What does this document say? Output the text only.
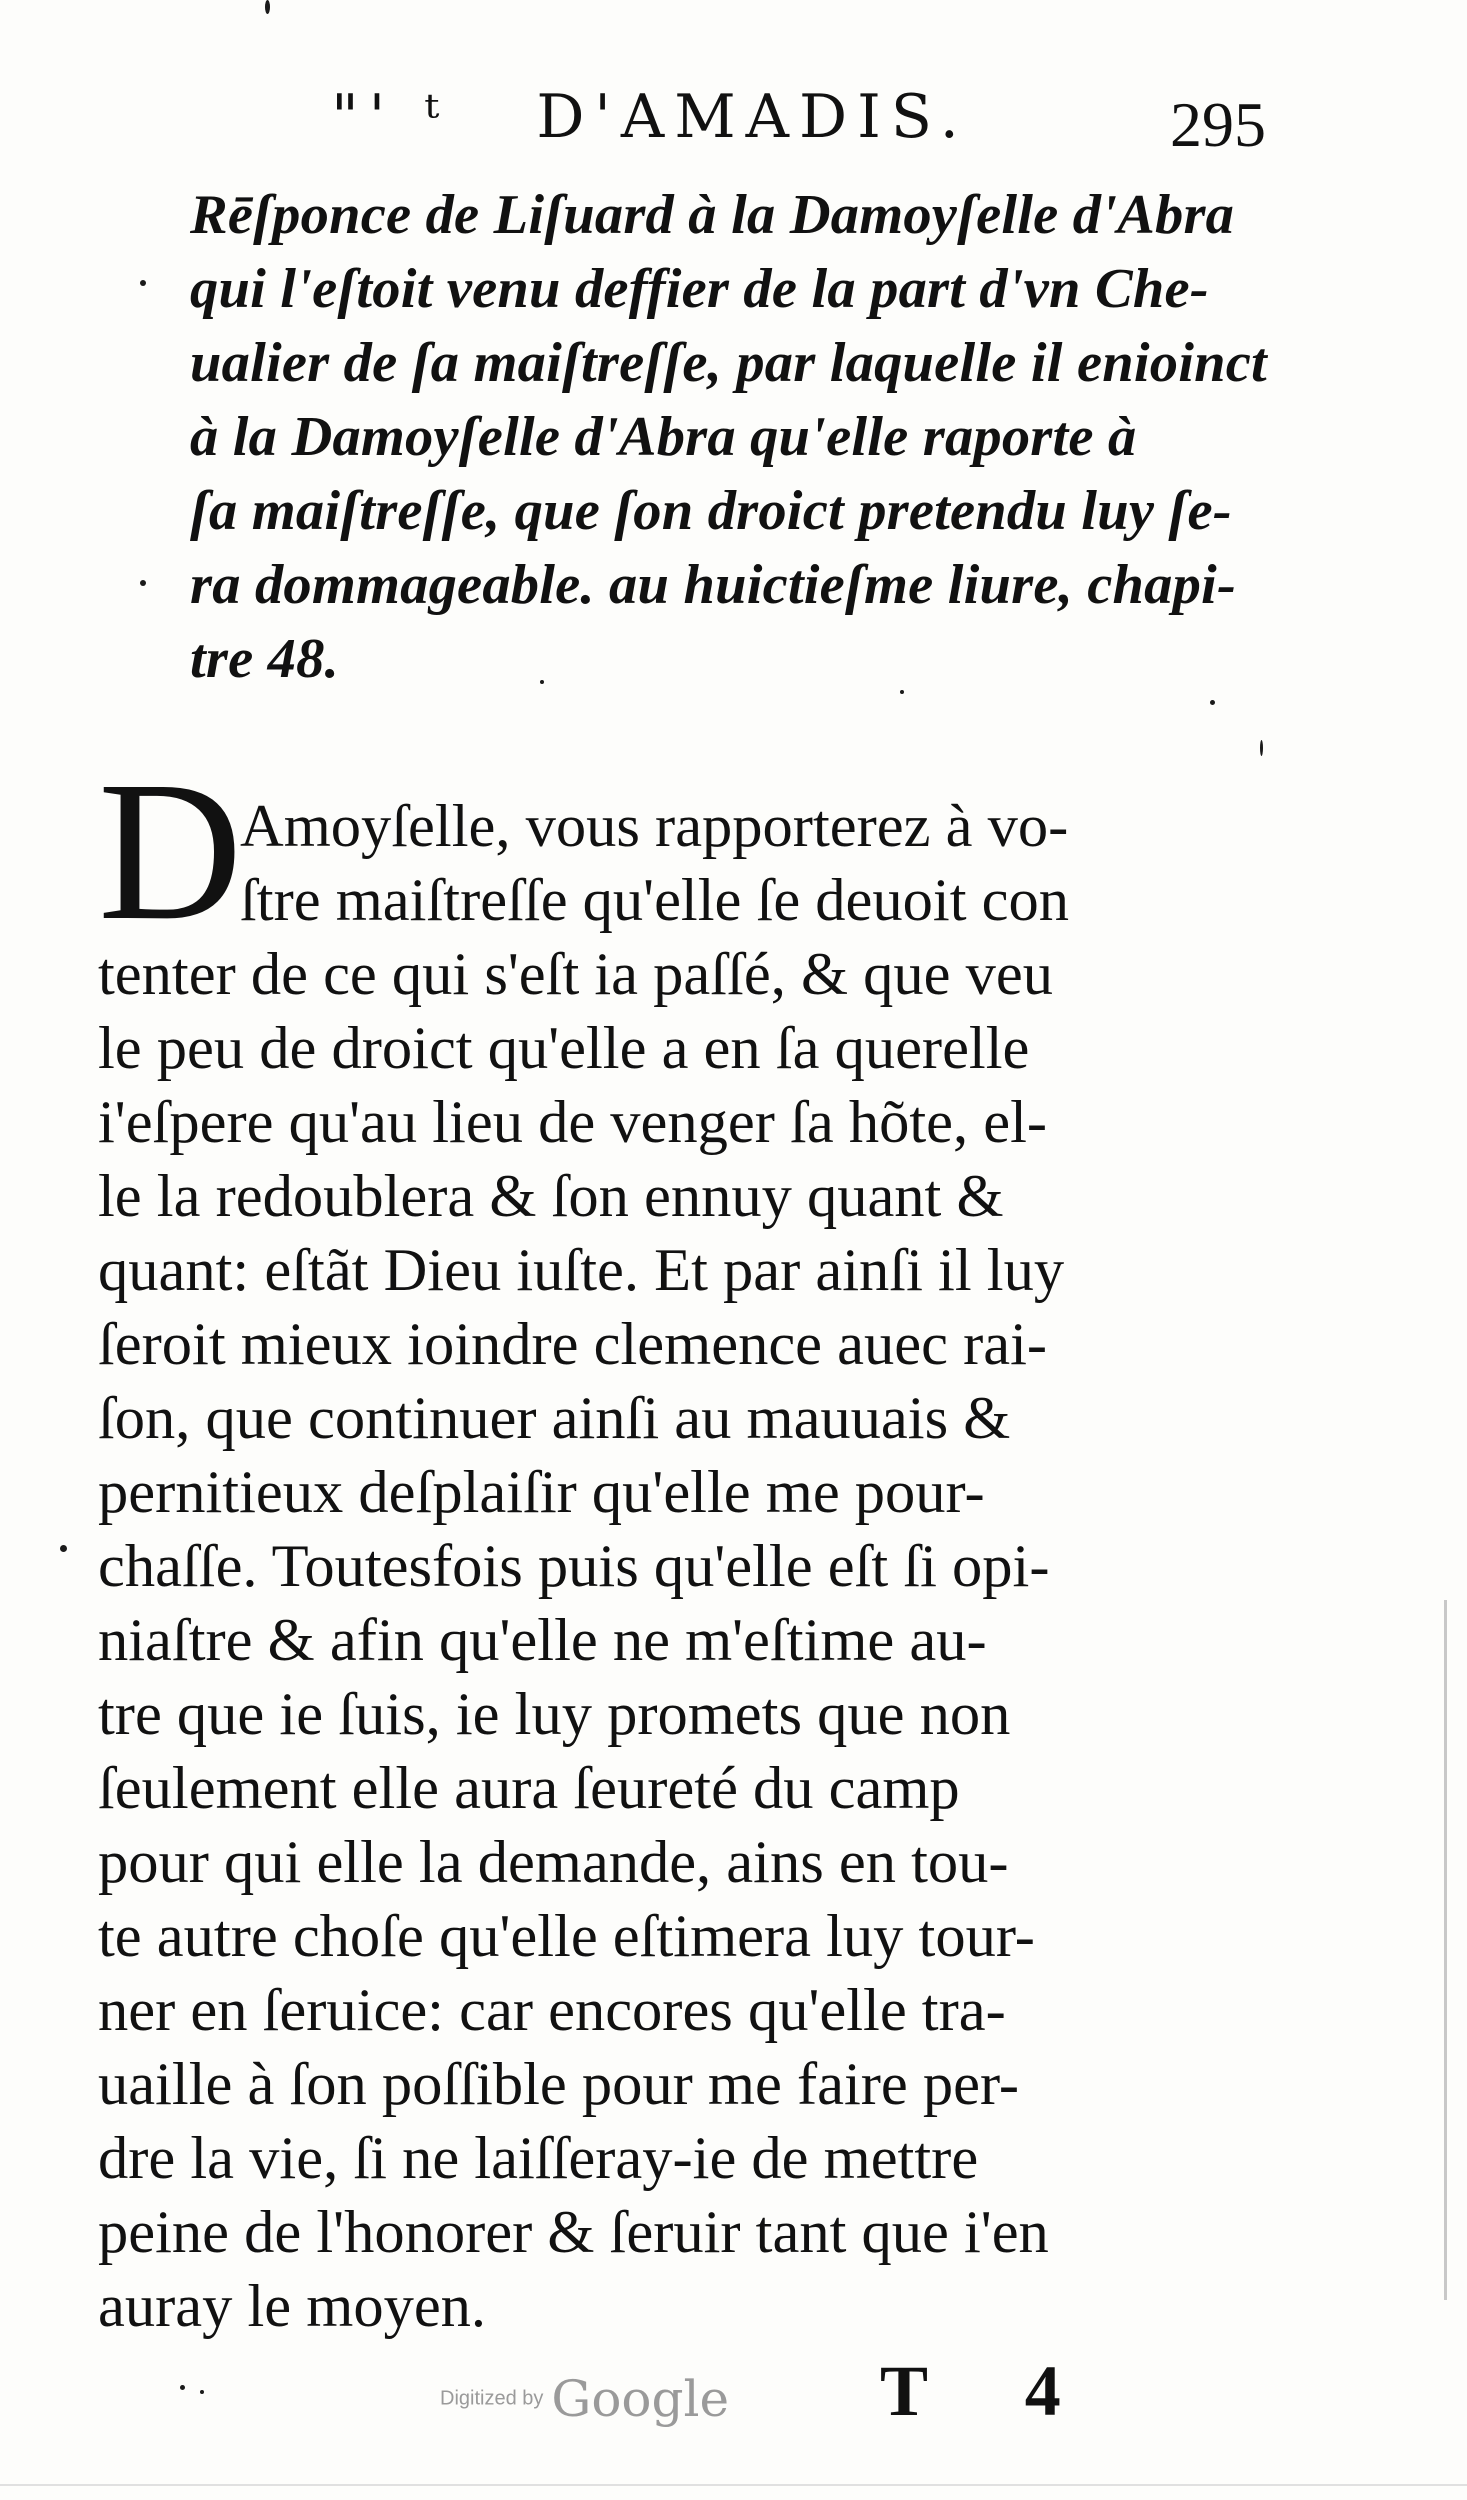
"' ᵗ D'AMADIS.	295
Rēſponce de Liſuard à la Damoyſelle d'Abra
qui l'eſtoit venu deffier de la part d'vn Che-
ualier de ſa maiſtreſſe, par laquelle il enioinct
à la Damoyſelle d'Abra qu'elle raporte à
ſa maiſtreſſe, que ſon droict pretendu luy ſe-
ra dommageable. au huictieſme liure, chapi-
tre 48.
D
Amoyſelle, vous rapporterez à vo-
ſtre maiſtreſſe qu'elle ſe deuoit con
tenter de ce qui s'eſt ia paſſé, & que veu
le peu de droict qu'elle a en ſa querelle
i'eſpere qu'au lieu de venger ſa hõte, el-
le la redoublera & ſon ennuy quant &
quant: eſtãt Dieu iuſte. Et par ainſi il luy
ſeroit mieux ioindre clemence auec rai-
ſon, que continuer ainſi au mauuais &
pernitieux deſplaiſir qu'elle me pour-
chaſſe. Toutesfois puis qu'elle eſt ſi opi-
niaſtre & afin qu'elle ne m'eſtime au-
tre que ie ſuis, ie luy promets que non
ſeulement elle aura ſeureté du camp
pour qui elle la demande, ains en tou-
te autre choſe qu'elle eſtimera luy tour-
ner en ſeruice: car encores qu'elle tra-
uaille à ſon poſſible pour me faire per-
dre la vie, ſi ne laiſſeray-ie de mettre
peine de l'honorer & ſeruir tant que i'en
auray le moyen.
Digitized by Google T 4
